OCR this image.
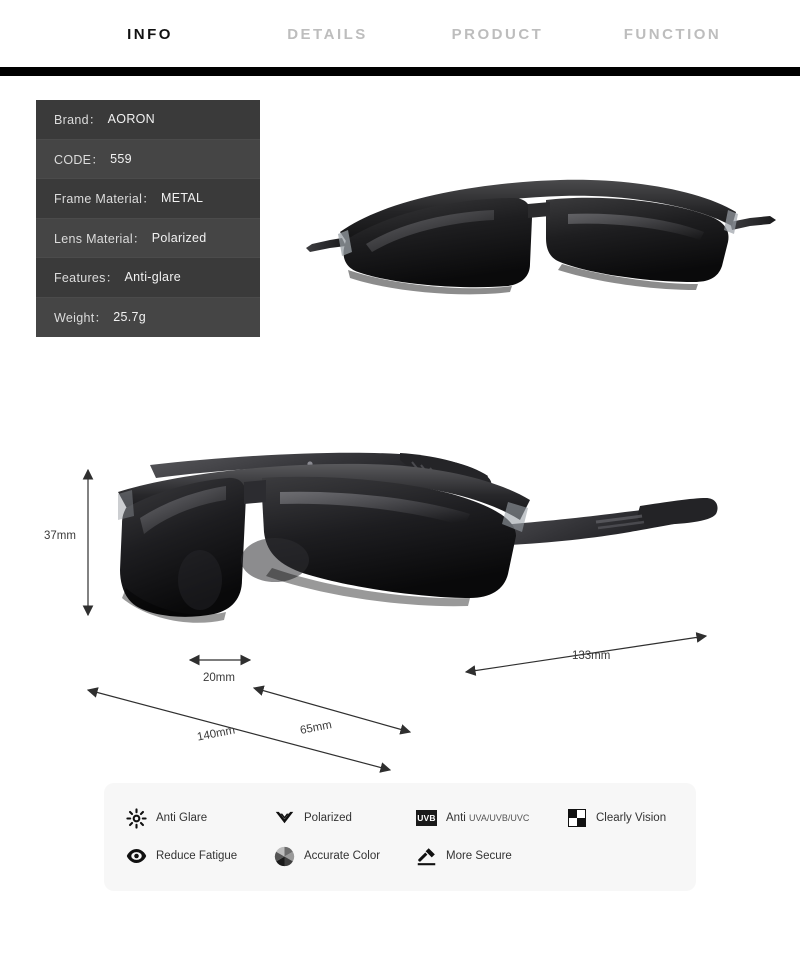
INFO	DETAILS	PRODUCT	FUNCTION
Brand： AORON
CODE： 559
Frame Material： METAL
Lens Material： Polarized
Features： Anti-glare
Weight： 25.7g
37mm
20mm
133mm
140mm	65mm
Anti Glare	Polarized	UVB Anti UVA/UVB/UVC	Clearly Vision
Reduce Fatigue	Accurate Color	More Secure
